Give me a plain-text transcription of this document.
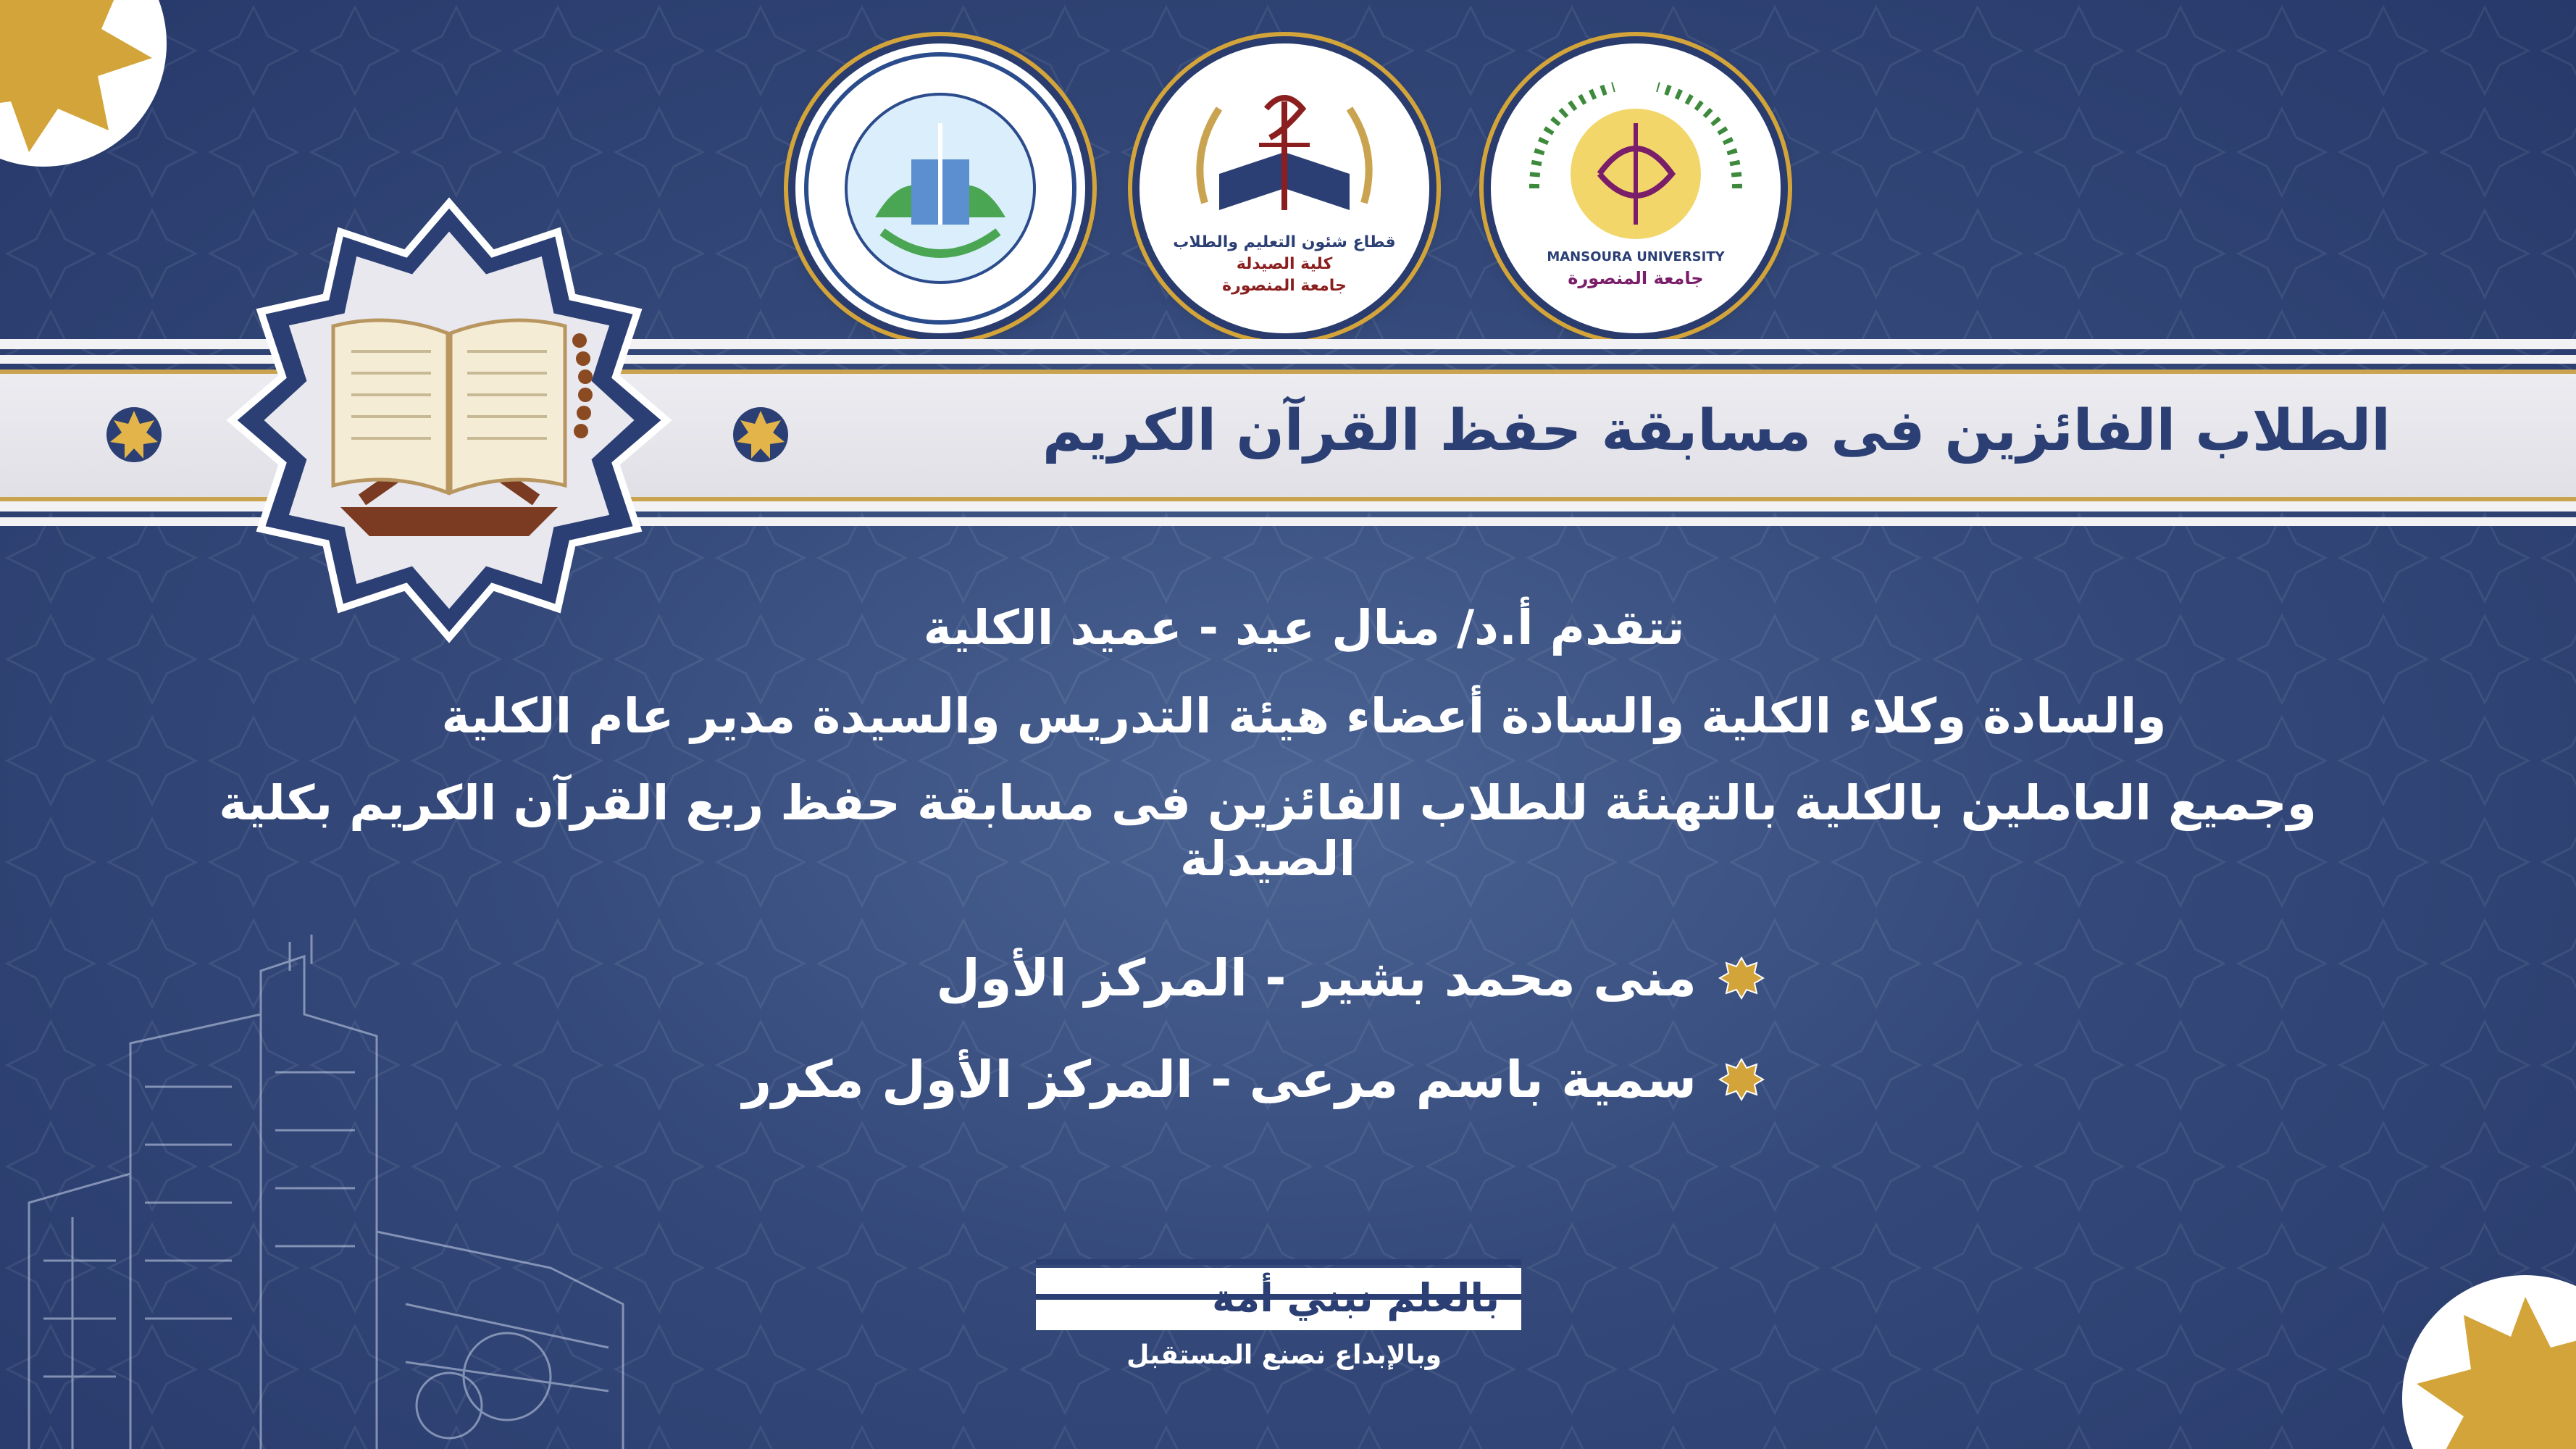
قطاع شئون التعليم والطلاب
كلية الصيدلة
جامعة المنصورة
MANSOURA UNIVERSITY
جامعة المنصورة
الطلاب الفائزين فى مسابقة حفظ القرآن الكريم
تتقدم أ.د/ منال عيد - عميد الكلية
والسادة وكلاء الكلية والسادة أعضاء هيئة التدريس والسيدة مدير عام الكلية
وجميع العاملين بالكلية بالتهنئة للطلاب الفائزين فى مسابقة حفظ ربع القرآن الكريم بكلية الصيدلة
منى محمد بشير - المركز الأول
سمية باسم مرعى - المركز الأول مكرر
بالعلم نبني أمة
وبالإبداع نصنع المستقبل
